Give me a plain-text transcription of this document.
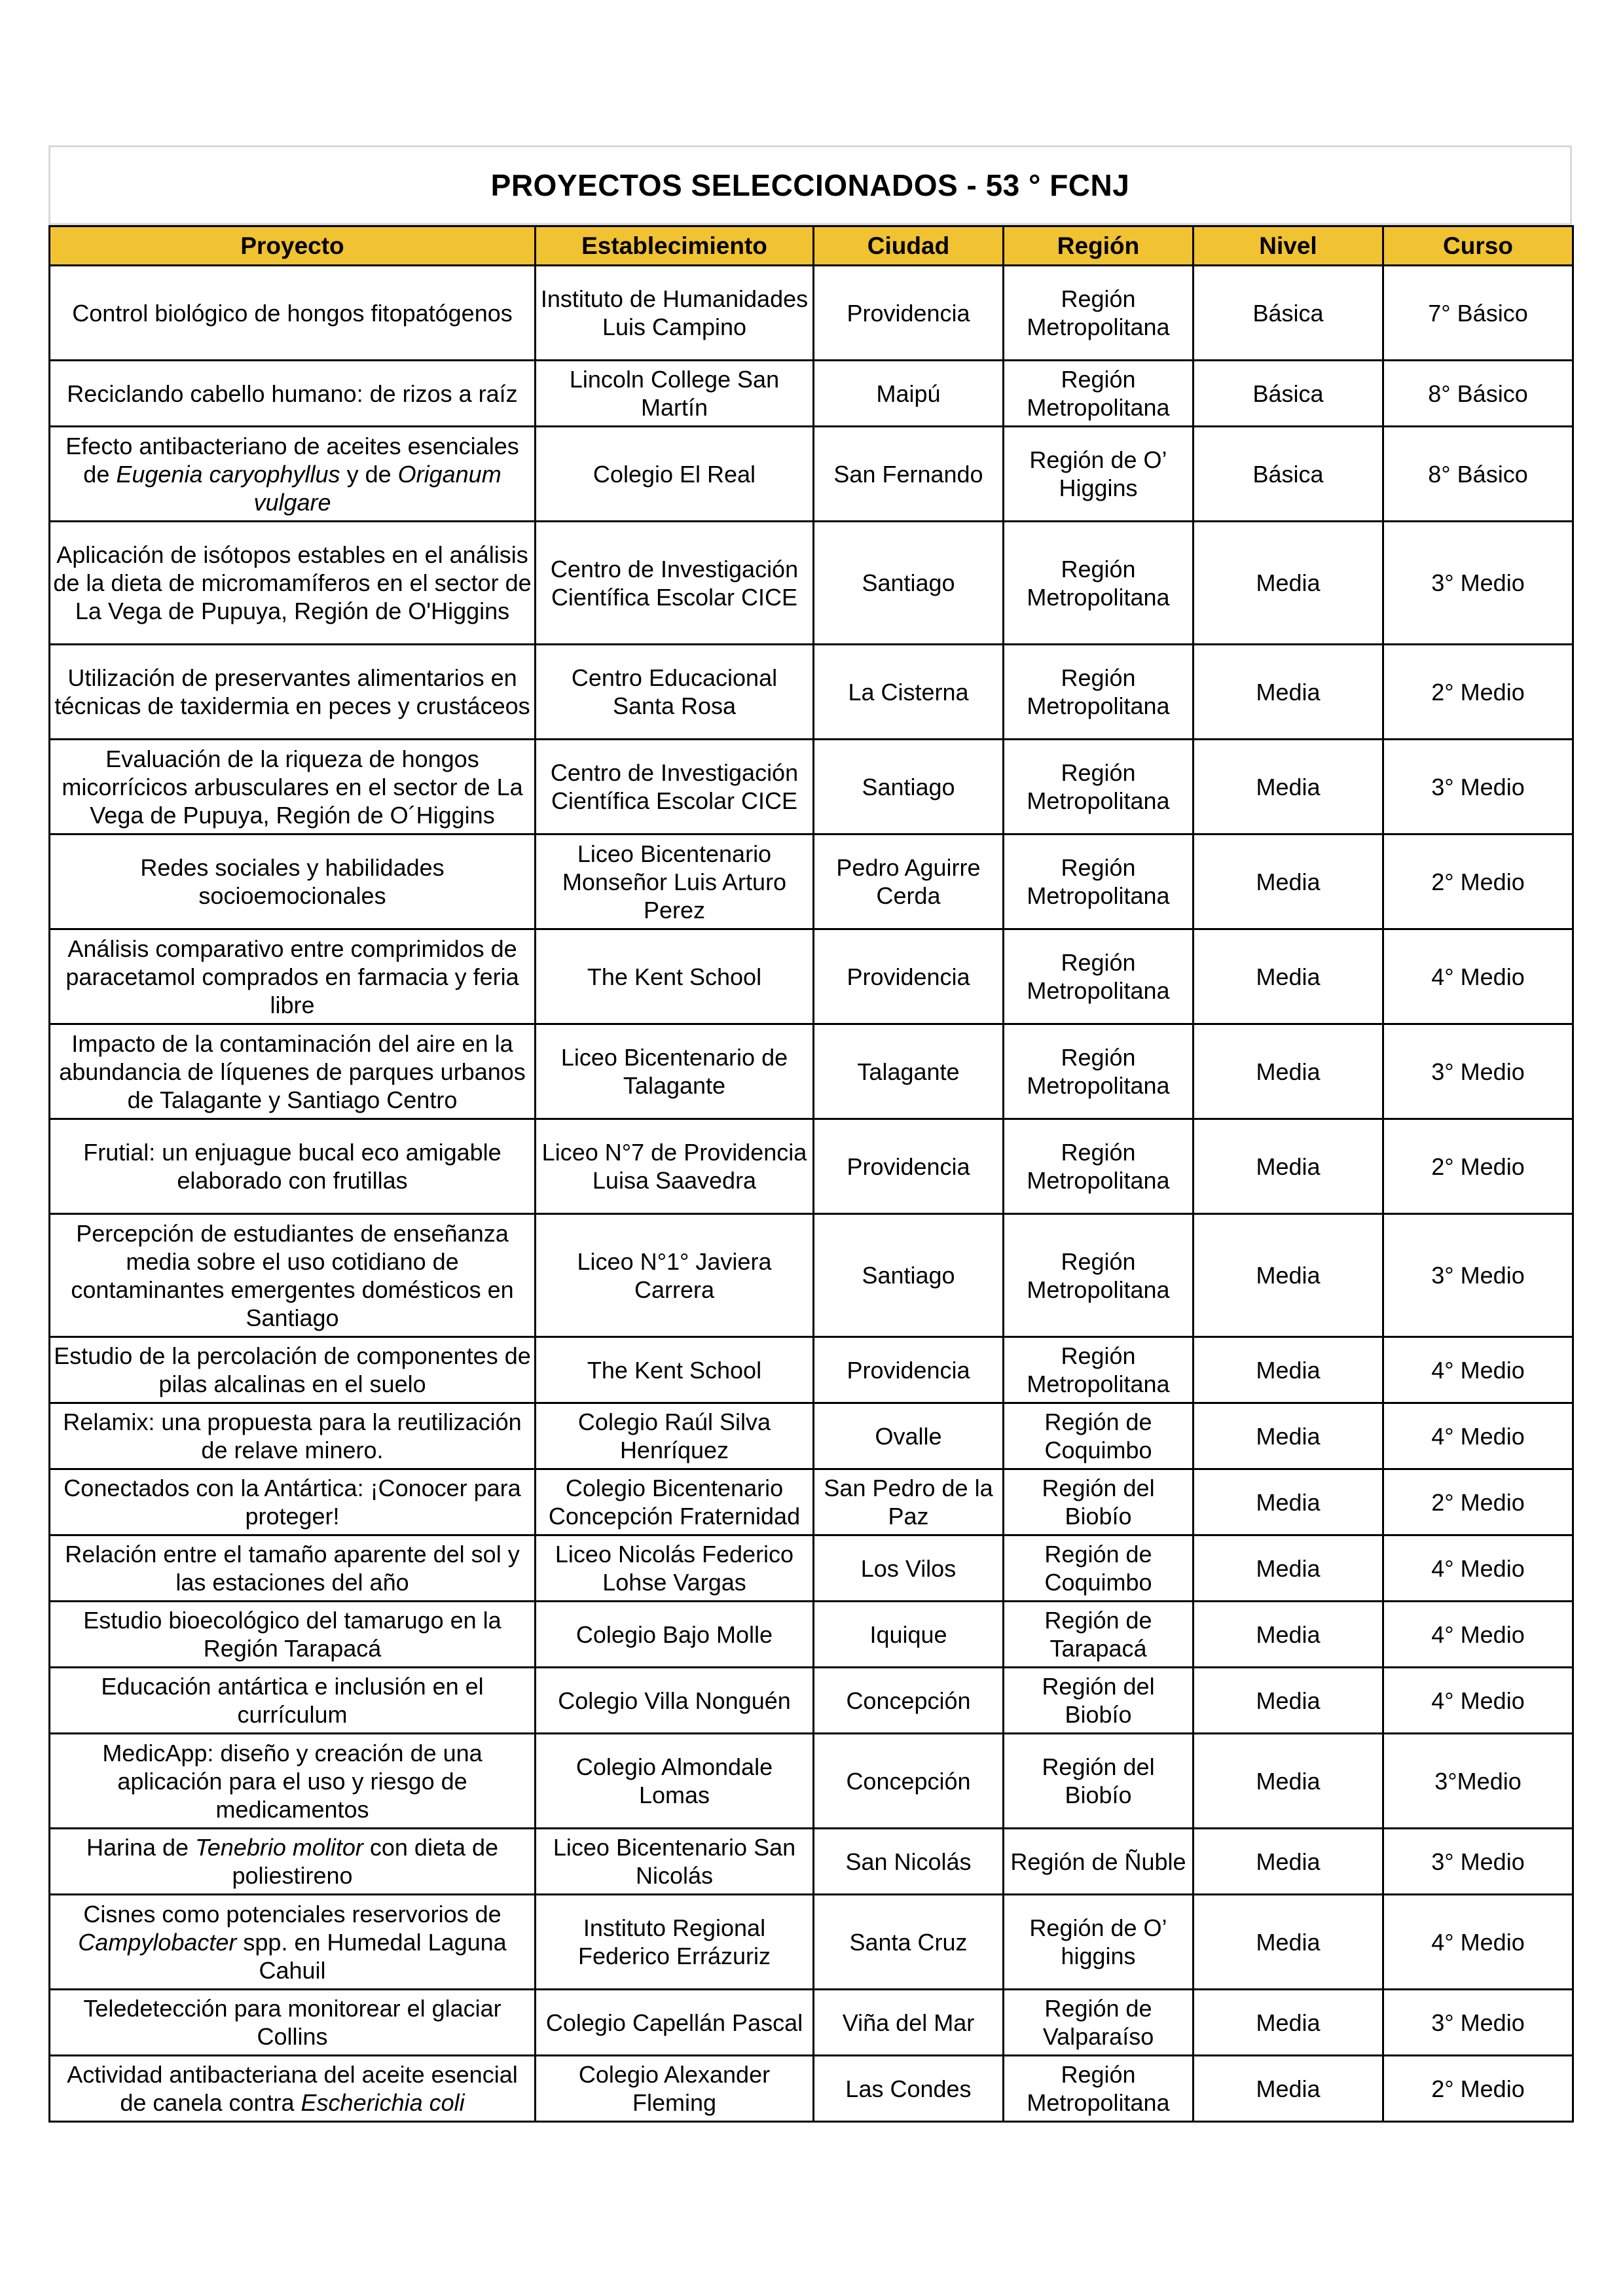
PROYECTOS SELECCIONADOS - 53 ° FCNJ
Proyecto	Establecimiento	Ciudad	Región	Nivel	Curso
Control biológico de hongos fitopatógenos	Instituto de Humanidades Luis Campino	Providencia	Región Metropolitana	Básica	7° Básico
Reciclando cabello humano: de rizos a raíz	Lincoln College San Martín	Maipú	Región Metropolitana	Básica	8° Básico
Efecto antibacteriano de aceites esenciales de Eugenia caryophyllus y de Origanum vulgare	Colegio El Real	San Fernando	Región de O’ Higgins	Básica	8° Básico
Aplicación de isótopos estables en el análisis de la dieta de micromamíferos en el sector de La Vega de Pupuya, Región de O'Higgins	Centro de Investigación Científica Escolar CICE	Santiago	Región Metropolitana	Media	3° Medio
Utilización de preservantes alimentarios en técnicas de taxidermia en peces y crustáceos	Centro Educacional Santa Rosa	La Cisterna	Región Metropolitana	Media	2° Medio
Evaluación de la riqueza de hongos micorrícicos arbusculares en el sector de La Vega de Pupuya, Región de O´Higgins	Centro de Investigación Científica Escolar CICE	Santiago	Región Metropolitana	Media	3° Medio
Redes sociales y habilidades socioemocionales	Liceo Bicentenario Monseñor Luis Arturo Perez	Pedro Aguirre Cerda	Región Metropolitana	Media	2° Medio
Análisis comparativo entre comprimidos de paracetamol comprados en farmacia y feria libre	The Kent School	Providencia	Región Metropolitana	Media	4° Medio
Impacto de la contaminación del aire en la abundancia de líquenes de parques urbanos de Talagante y Santiago Centro	Liceo Bicentenario de Talagante	Talagante	Región Metropolitana	Media	3° Medio
Frutial: un enjuague bucal eco amigable elaborado con frutillas	Liceo N°7 de Providencia Luisa Saavedra	Providencia	Región Metropolitana	Media	2° Medio
Percepción de estudiantes de enseñanza media sobre el uso cotidiano de contaminantes emergentes domésticos en Santiago	Liceo N°1° Javiera Carrera	Santiago	Región Metropolitana	Media	3° Medio
Estudio de la percolación de componentes de pilas alcalinas en el suelo	The Kent School	Providencia	Región Metropolitana	Media	4° Medio
Relamix: una propuesta para la reutilización de relave minero.	Colegio Raúl Silva Henríquez	Ovalle	Región de Coquimbo	Media	4° Medio
Conectados con la Antártica: ¡Conocer para proteger!	Colegio Bicentenario Concepción Fraternidad	San Pedro de la Paz	Región del Biobío	Media	2° Medio
Relación entre el tamaño aparente del sol y las estaciones del año	Liceo Nicolás Federico Lohse Vargas	Los Vilos	Región de Coquimbo	Media	4° Medio
Estudio bioecológico del tamarugo en la Región Tarapacá	Colegio Bajo Molle	Iquique	Región de Tarapacá	Media	4° Medio
Educación antártica e inclusión en el currículum	Colegio Villa Nonguén	Concepción	Región del Biobío	Media	4° Medio
MedicApp: diseño y creación de una aplicación para el uso y riesgo de medicamentos	Colegio Almondale Lomas	Concepción	Región del Biobío	Media	3°Medio
Harina de Tenebrio molitor con dieta de poliestireno	Liceo Bicentenario San Nicolás	San Nicolás	Región de Ñuble	Media	3° Medio
Cisnes como potenciales reservorios de Campylobacter spp. en Humedal Laguna Cahuil	Instituto Regional Federico Errázuriz	Santa Cruz	Región de O’ higgins	Media	4° Medio
Teledetección para monitorear el glaciar Collins	Colegio Capellán Pascal	Viña del Mar	Región de Valparaíso	Media	3° Medio
Actividad antibacteriana del aceite esencial de canela contra Escherichia coli	Colegio Alexander Fleming	Las Condes	Región Metropolitana	Media	2° Medio
